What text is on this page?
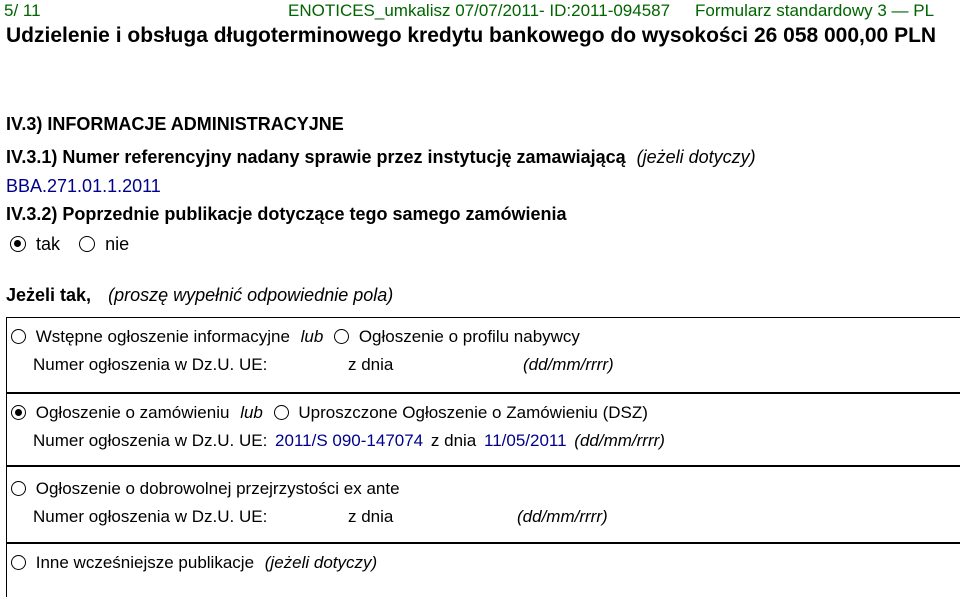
5/ 11	ENOTICES_umkalisz 07/07/2011- ID:2011-094587 Formularz standardowy 3 — PL
Udzielenie i obsługa długoterminowego kredytu bankowego do wysokości 26 058 000,00 PLN
IV.3) INFORMACJE ADMINISTRACYJNE
IV.3.1) Numer referencyjny nadany sprawie przez instytucję zamawiającą (jeżeli dotyczy)
BBA.271.01.1.2011
IV.3.2) Poprzednie publikacje dotyczące tego samego zamówienia
tak	nie
Jeżeli tak, (proszę wypełnić odpowiednie pola)
Wstępne ogłoszenie informacyjne lub Ogłoszenie o profilu nabywcy
Numer ogłoszenia w Dz.U. UE:	z dnia	(dd/mm/rrrr)
Ogłoszenie o zamówieniu lub Uproszczone Ogłoszenie o Zamówieniu (DSZ)
Numer ogłoszenia w Dz.U. UE: 2011/S 090-147074 z dnia 11/05/2011 (dd/mm/rrrr)
Ogłoszenie o dobrowolnej przejrzystości ex ante
Numer ogłoszenia w Dz.U. UE:	z dnia	(dd/mm/rrrr)
Inne wcześniejsze publikacje (jeżeli dotyczy)
